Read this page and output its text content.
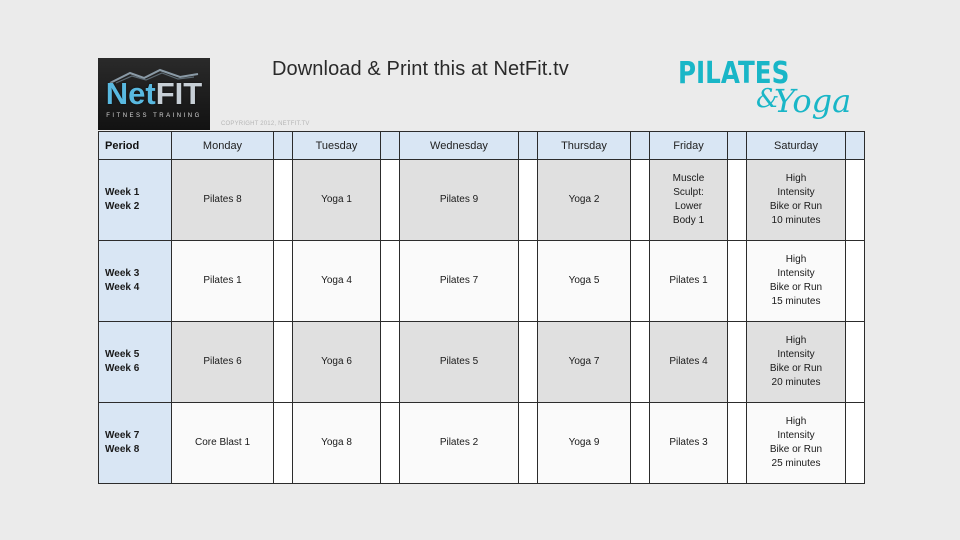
NetFIT
FITNESS TRAINING
COPYRIGHT 2012, NETFIT.TV
Download & Print this at NetFit.tv	PILATES
&
Yoga
Period	Monday		Tuesday		Wednesday		Thursday		Friday		Saturday	

Week 1
Week 2	Pilates 8		Yoga 1		Pilates 9		Yoga 2		Muscle
Sculpt:
Lower
Body 1		High
Intensity
Bike or Run
10 minutes	

Week 3
Week 4	Pilates 1		Yoga 4		Pilates 7		Yoga 5		Pilates 1		High
Intensity
Bike or Run
15 minutes	

Week 5
Week 6	Pilates 6		Yoga 6		Pilates 5		Yoga 7		Pilates 4		High
Intensity
Bike or Run
20 minutes	

Week 7
Week 8	Core Blast 1		Yoga 8		Pilates 2		Yoga 9		Pilates 3		High
Intensity
Bike or Run
25 minutes	
